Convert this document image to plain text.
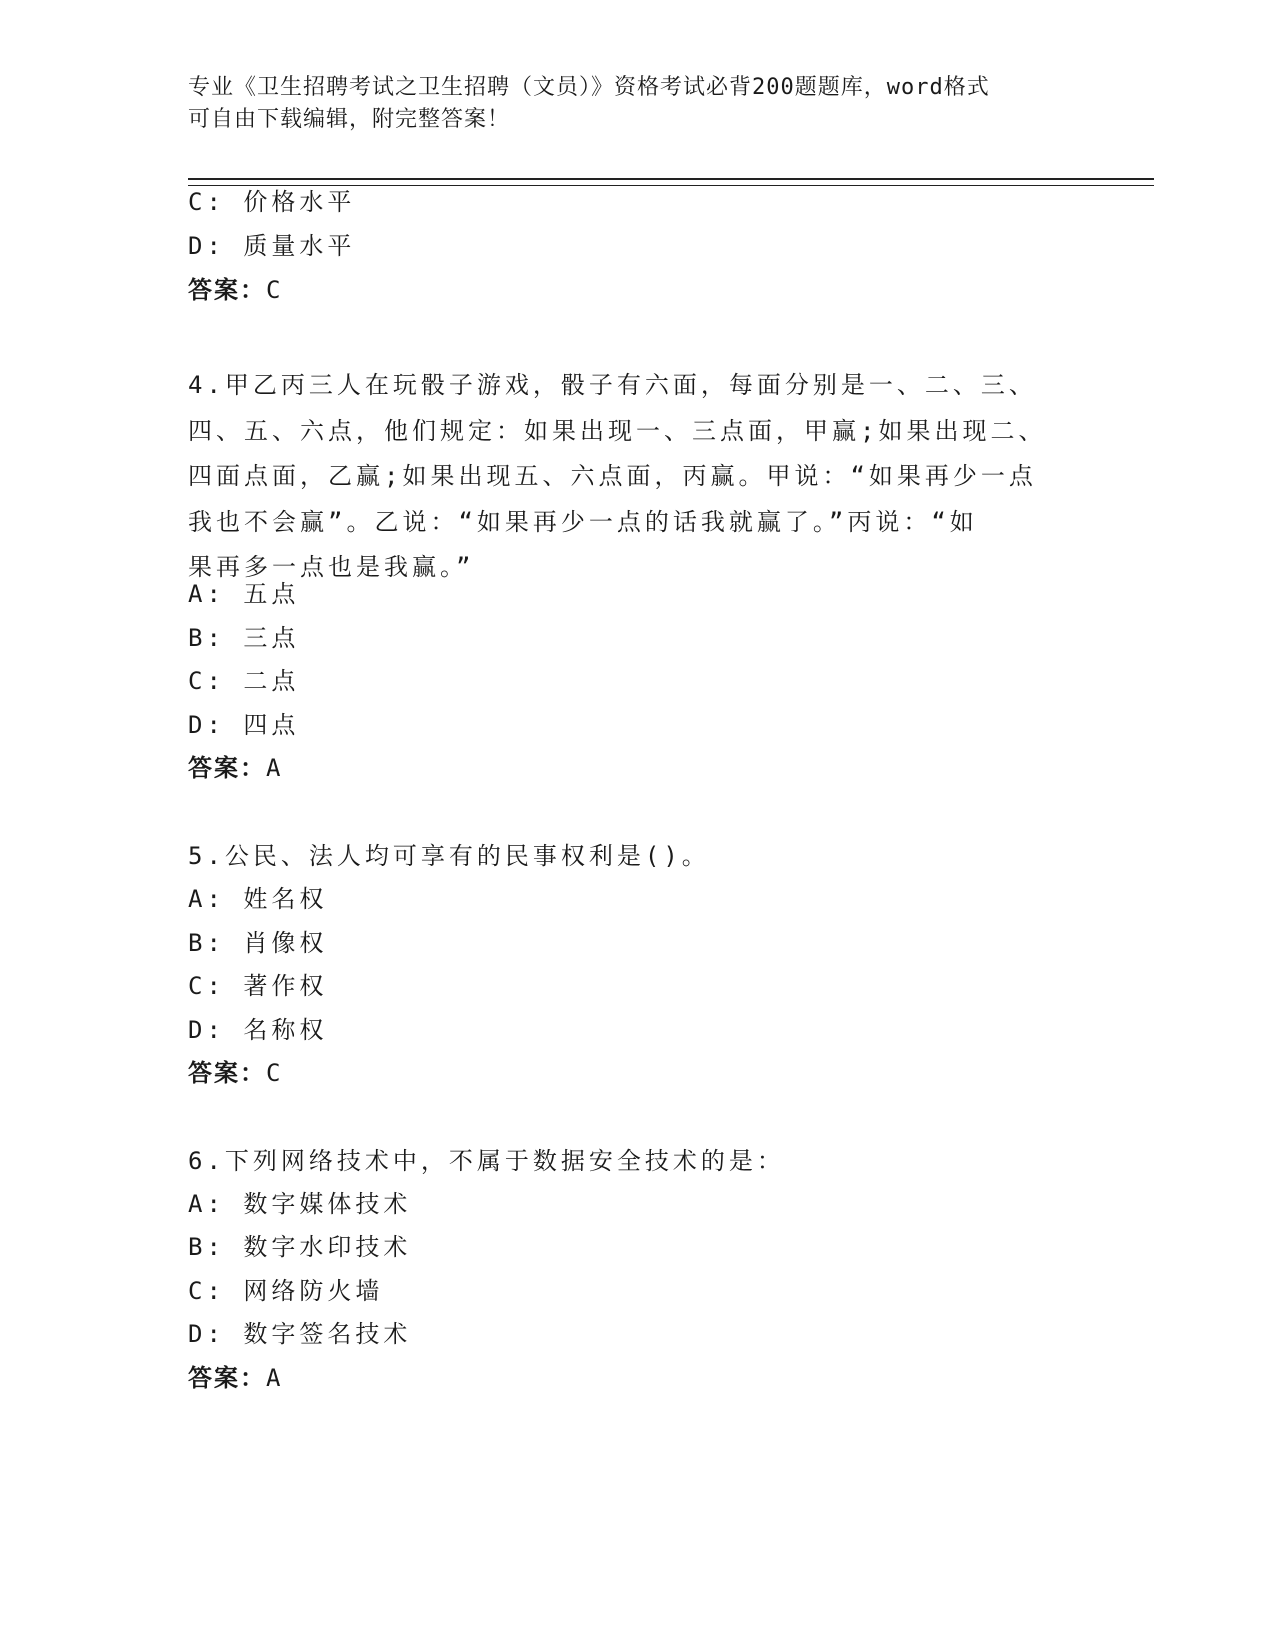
专业《卫生招聘考试之卫生招聘（文员）》资格考试必背200题题库，word格式
可自由下载编辑，附完整答案！
C: 价格水平
D: 质量水平
答案：C
4.甲乙丙三人在玩骰子游戏，骰子有六面，每面分别是一、二、三、
四、五、六点，他们规定：如果出现一、三点面，甲赢;如果出现二、
四面点面，乙赢;如果出现五、六点面，丙赢。甲说：“如果再少一点
我也不会赢”。乙说：“如果再少一点的话我就赢了。”丙说：“如
果再多一点也是我赢。”
A: 五点
B: 三点
C: 二点
D: 四点
答案：A
5.公民、法人均可享有的民事权利是()。
A: 姓名权
B: 肖像权
C: 著作权
D: 名称权
答案：C
6.下列网络技术中，不属于数据安全技术的是：
A: 数字媒体技术
B: 数字水印技术
C: 网络防火墙
D: 数字签名技术
答案：A
